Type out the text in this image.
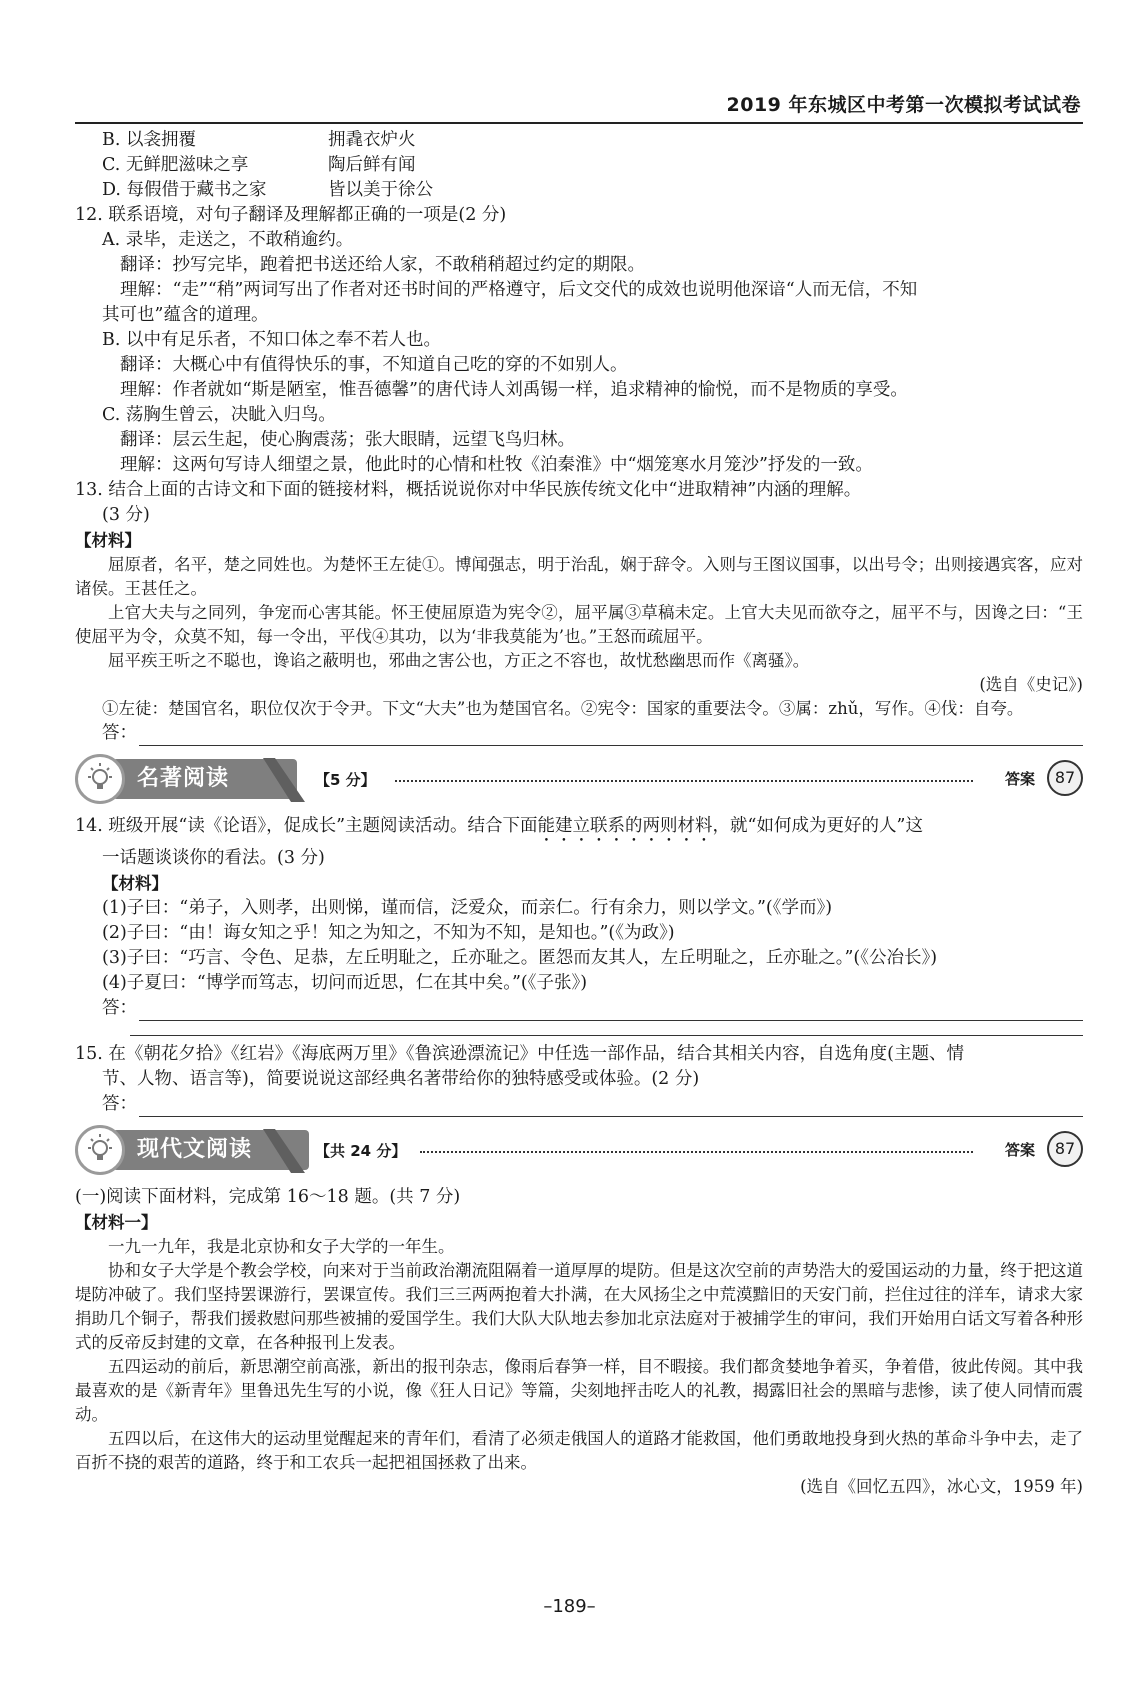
2019 年东城区中考第一次模拟考试试卷
B. 以衾拥覆	拥毳衣炉火
C. 无鲜肥滋味之享	陶后鲜有闻
D. 每假借于藏书之家	皆以美于徐公
12. 联系语境，对句子翻译及理解都正确的一项是(2 分)
A. 录毕，走送之，不敢稍逾约。
翻译：抄写完毕，跑着把书送还给人家，不敢稍稍超过约定的期限。
理解：“走”“稍”两词写出了作者对还书时间的严格遵守，后文交代的成效也说明他深谙“人而无信，不知
其可也”蕴含的道理。
B. 以中有足乐者，不知口体之奉不若人也。
翻译：大概心中有值得快乐的事，不知道自己吃的穿的不如别人。
理解：作者就如“斯是陋室，惟吾德馨”的唐代诗人刘禹锡一样，追求精神的愉悦，而不是物质的享受。
C. 荡胸生曾云，决眦入归鸟。
翻译：层云生起，使心胸震荡；张大眼睛，远望飞鸟归林。
理解：这两句写诗人细望之景，他此时的心情和杜牧《泊秦淮》中“烟笼寒水月笼沙”抒发的一致。
13. 结合上面的古诗文和下面的链接材料，概括说说你对中华民族传统文化中“进取精神”内涵的理解。
(3 分)
【材料】
屈原者，名平，楚之同姓也。为楚怀王左徒①。博闻强志，明于治乱，娴于辞令。入则与王图议国事，以出号令；出则接遇宾客，应对诸侯。王甚任之。
上官大夫与之同列，争宠而心害其能。怀王使屈原造为宪令②，屈平属③草稿未定。上官大夫见而欲夺之，屈平不与，因谗之曰：“王使屈平为令，众莫不知，每一令出，平伐④其功，以为‘非我莫能为’也。”王怒而疏屈平。
屈平疾王听之不聪也，谗谄之蔽明也，邪曲之害公也，方正之不容也，故忧愁幽思而作《离骚》。
(选自《史记》)
①左徒：楚国官名，职位仅次于令尹。下文“大夫”也为楚国官名。②宪令：国家的重要法令。③属：zhǔ，写作。④伐：自夸。
答：
名著阅读	【5 分】	答案	87
14. 班级开展“读《论语》，促成长”主题阅读活动。结合下面能建立联系的两则材料，就“如何成为更好的人”这
一话题谈谈你的看法。(3 分)
【材料】
(1)子曰：“弟子，入则孝，出则悌，谨而信，泛爱众，而亲仁。行有余力，则以学文。”(《学而》)
(2)子曰：“由！诲女知之乎！知之为知之，不知为不知，是知也。”(《为政》)
(3)子曰：“巧言、令色、足恭，左丘明耻之，丘亦耻之。匿怨而友其人，左丘明耻之，丘亦耻之。”(《公冶长》)
(4)子夏曰：“博学而笃志，切问而近思，仁在其中矣。”(《子张》)
答：
15. 在《朝花夕拾》《红岩》《海底两万里》《鲁滨逊漂流记》中任选一部作品，结合其相关内容，自选角度(主题、情
节、人物、语言等)，简要说说这部经典名著带给你的独特感受或体验。(2 分)
答：
现代文阅读	【共 24 分】	答案	87
(一)阅读下面材料，完成第 16～18 题。(共 7 分)
【材料一】
一九一九年，我是北京协和女子大学的一年生。
协和女子大学是个教会学校，向来对于当前政治潮流阻隔着一道厚厚的堤防。但是这次空前的声势浩大的爱国运动的力量，终于把这道堤防冲破了。我们坚持罢课游行，罢课宣传。我们三三两两抱着大扑满，在大风扬尘之中荒漠黯旧的天安门前，拦住过往的洋车，请求大家捐助几个铜子，帮我们援救慰问那些被捕的爱国学生。我们大队大队地去参加北京法庭对于被捕学生的审问，我们开始用白话文写着各种形式的反帝反封建的文章，在各种报刊上发表。
五四运动的前后，新思潮空前高涨，新出的报刊杂志，像雨后春笋一样，目不暇接。我们都贪婪地争着买，争着借，彼此传阅。其中我最喜欢的是《新青年》里鲁迅先生写的小说，像《狂人日记》等篇，尖刻地抨击吃人的礼教，揭露旧社会的黑暗与悲惨，读了使人同情而震动。
五四以后，在这伟大的运动里觉醒起来的青年们，看清了必须走俄国人的道路才能救国，他们勇敢地投身到火热的革命斗争中去，走了百折不挠的艰苦的道路，终于和工农兵一起把祖国拯救了出来。
(选自《回忆五四》，冰心文，1959 年)
–189–
